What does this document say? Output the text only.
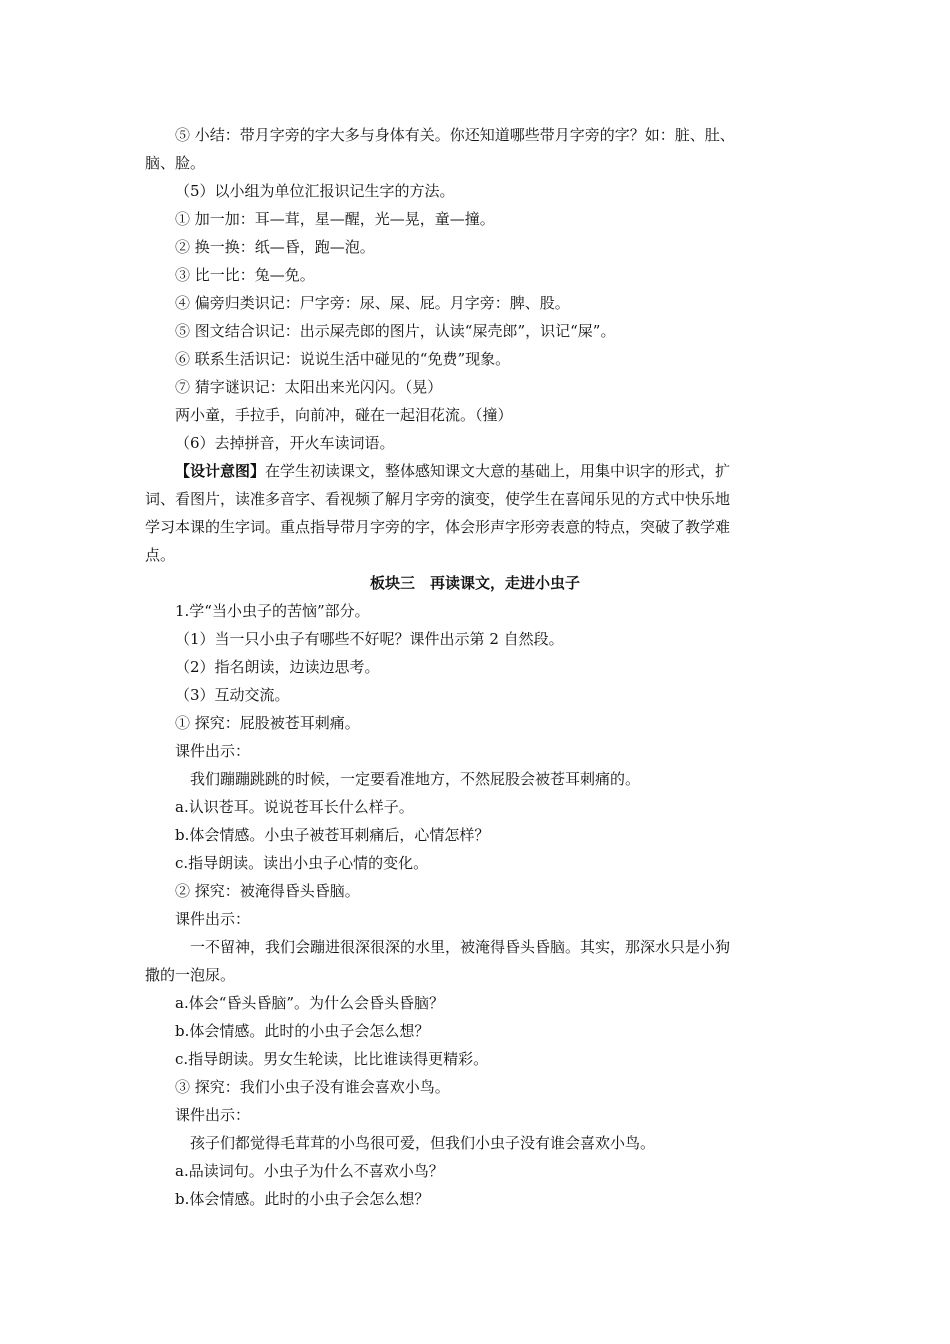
⑤ 小结：带月字旁的字大多与身体有关。你还知道哪些带月字旁的字？如：脏、肚、
脑、脸。
（5）以小组为单位汇报识记生字的方法。
① 加一加：耳—茸，星—醒，光—晃，童—撞。
② 换一换：纸—昏，跑—泡。
③ 比一比：兔—免。
④ 偏旁归类识记：尸字旁：尿、屎、屁。月字旁：脾、股。
⑤ 图文结合识记：出示屎壳郎的图片，认读“屎壳郎”，识记“屎”。
⑥ 联系生活识记：说说生活中碰见的“免费”现象。
⑦ 猜字谜识记：太阳出来光闪闪。（晃）
两小童，手拉手，向前冲，碰在一起泪花流。（撞）
（6）去掉拼音，开火车读词语。
【设计意图】在学生初读课文，整体感知课文大意的基础上，用集中识字的形式，扩
词、看图片，读准多音字、看视频了解月字旁的演变，使学生在喜闻乐见的方式中快乐地
学习本课的生字词。重点指导带月字旁的字，体会形声字形旁表意的特点，突破了教学难
点。
板块三　再读课文，走进小虫子
1.学“当小虫子的苦恼”部分。
（1）当一只小虫子有哪些不好呢？课件出示第 2 自然段。
（2）指名朗读，边读边思考。
（3）互动交流。
① 探究：屁股被苍耳刺痛。
课件出示：
我们蹦蹦跳跳的时候，一定要看准地方，不然屁股会被苍耳刺痛的。
a.认识苍耳。说说苍耳长什么样子。
b.体会情感。小虫子被苍耳刺痛后，心情怎样？
c.指导朗读。读出小虫子心情的变化。
② 探究：被淹得昏头昏脑。
课件出示：
一不留神，我们会蹦进很深很深的水里，被淹得昏头昏脑。其实，那深水只是小狗
撒的一泡尿。
a.体会“昏头昏脑”。为什么会昏头昏脑？
b.体会情感。此时的小虫子会怎么想？
c.指导朗读。男女生轮读，比比谁读得更精彩。
③ 探究：我们小虫子没有谁会喜欢小鸟。
课件出示：
孩子们都觉得毛茸茸的小鸟很可爱，但我们小虫子没有谁会喜欢小鸟。
a.品读词句。小虫子为什么不喜欢小鸟？
b.体会情感。此时的小虫子会怎么想？
